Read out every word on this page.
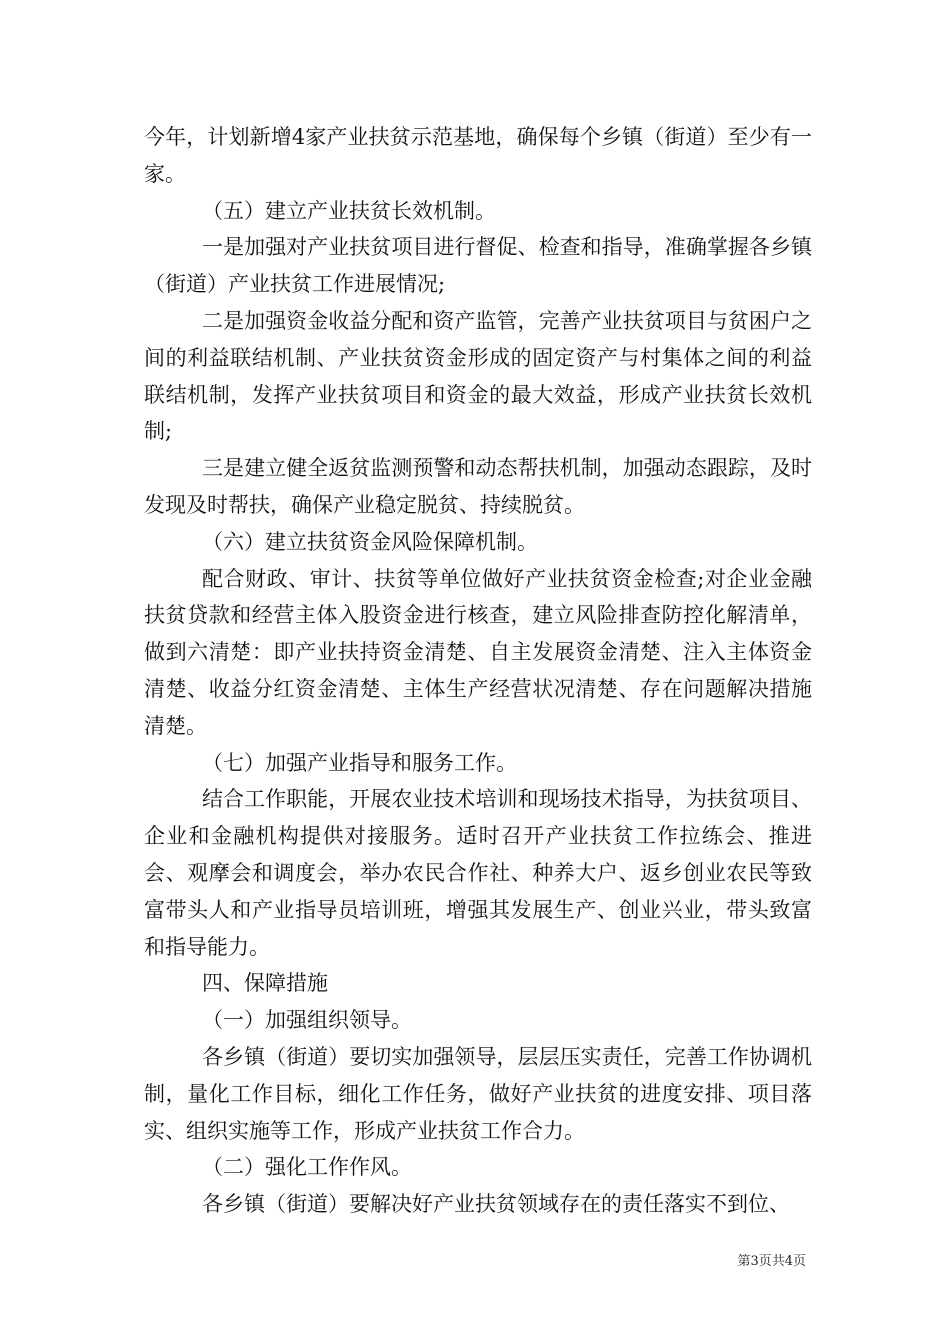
今年，计划新增4家产业扶贫示范基地，确保每个乡镇（街道）至少有一家。

（五）建立产业扶贫长效机制。

一是加强对产业扶贫项目进行督促、检查和指导，准确掌握各乡镇（街道）产业扶贫工作进展情况;

二是加强资金收益分配和资产监管，完善产业扶贫项目与贫困户之间的利益联结机制、产业扶贫资金形成的固定资产与村集体之间的利益联结机制，发挥产业扶贫项目和资金的最大效益，形成产业扶贫长效机制;

三是建立健全返贫监测预警和动态帮扶机制，加强动态跟踪，及时发现及时帮扶，确保产业稳定脱贫、持续脱贫。

（六）建立扶贫资金风险保障机制。

配合财政、审计、扶贫等单位做好产业扶贫资金检查;对企业金融扶贫贷款和经营主体入股资金进行核查，建立风险排查防控化解清单，做到六清楚：即产业扶持资金清楚、自主发展资金清楚、注入主体资金清楚、收益分红资金清楚、主体生产经营状况清楚、存在问题解决措施清楚。

（七）加强产业指导和服务工作。

结合工作职能，开展农业技术培训和现场技术指导，为扶贫项目、企业和金融机构提供对接服务。适时召开产业扶贫工作拉练会、推进会、观摩会和调度会，举办农民合作社、种养大户、返乡创业农民等致富带头人和产业指导员培训班，增强其发展生产、创业兴业，带头致富和指导能力。

四、保障措施

（一）加强组织领导。

各乡镇（街道）要切实加强领导，层层压实责任，完善工作协调机制，量化工作目标，细化工作任务，做好产业扶贫的进度安排、项目落实、组织实施等工作，形成产业扶贫工作合力。

（二）强化工作作风。

各乡镇（街道）要解决好产业扶贫领域存在的责任落实不到位、

第3页共4页
